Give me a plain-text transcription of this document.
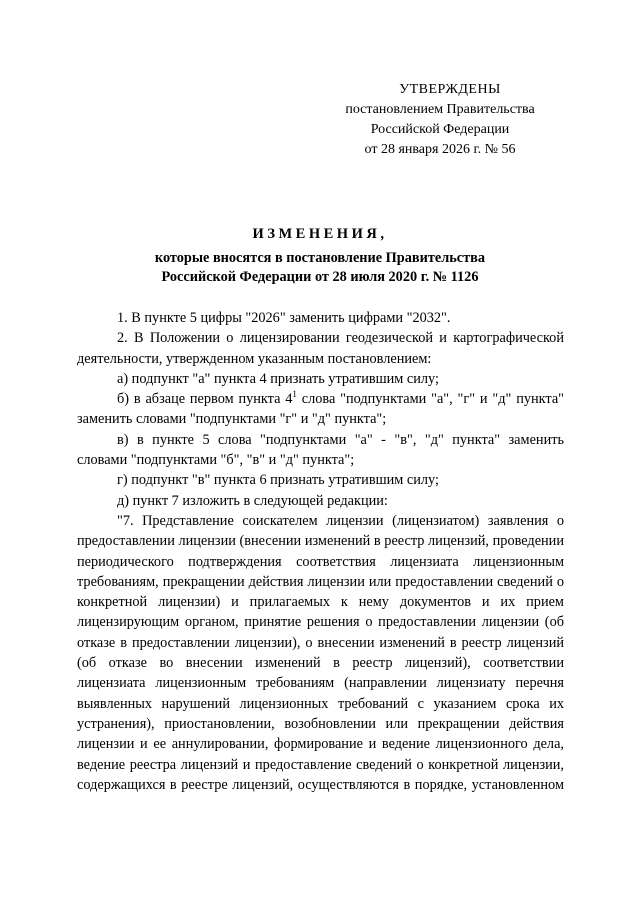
УТВЕРЖДЕНЫ
постановлением Правительства
Российской Федерации
от 28 января 2026 г. № 56
ИЗМЕНЕНИЯ,
которые вносятся в постановление Правительства
Российской Федерации от 28 июля 2020 г. № 1126

1. В пункте 5 цифры "2026" заменить цифрами "2032".

2. В Положении о лицензировании геодезической и картографической деятельности, утвержденном указанным постановлением:

а) подпункт "а" пункта 4 признать утратившим силу;

б) в абзаце первом пункта $4^1$ слова "подпунктами "а", "г" и "д" пункта" заменить словами "подпунктами "г" и "д" пункта";

в) в пункте 5 слова "подпунктами "а" - "в", "д" пункта" заменить словами "подпунктами "б", "в" и "д" пункта";

г) подпункт "в" пункта 6 признать утратившим силу;

д) пункт 7 изложить в следующей редакции:

"7. Представление соискателем лицензии (лицензиатом) заявления о предоставлении лицензии (внесении изменений в реестр лицензий, проведении периодического подтверждения соответствия лицензиата лицензионным требованиям, прекращении действия лицензии или предоставлении сведений о конкретной лицензии) и прилагаемых к нему документов и их прием лицензирующим органом, принятие решения о предоставлении лицензии (об отказе в предоставлении лицензии), о внесении изменений в реестр лицензий (об отказе во внесении изменений в реестр лицензий), соответствии лицензиата лицензионным требованиям (направлении лицензиату перечня выявленных нарушений лицензионных требований с указанием срока их устранения), приостановлении, возобновлении или прекращении действия лицензии и ее аннулировании, формирование и ведение лицензионного дела, ведение реестра лицензий и предоставление сведений о конкретной лицензии, содержащихся в реестре лицензий, осуществляются в порядке, установленном
